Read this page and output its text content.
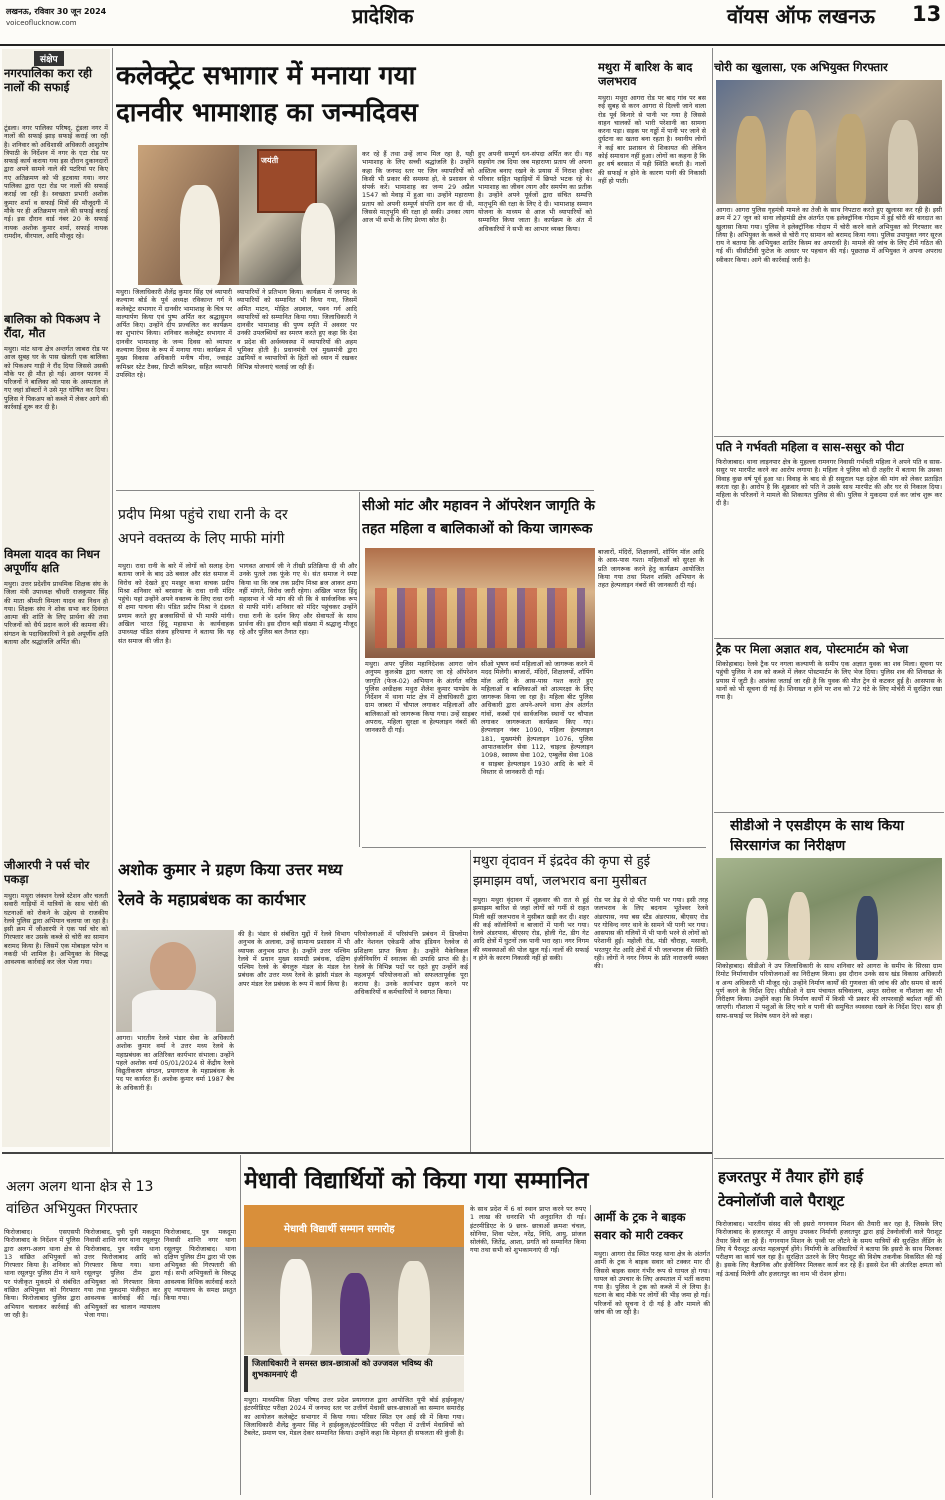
लखनऊ, रविवार 30 जून 2024
voiceoflucknow.com	प्रादेशिक	वॉयस ऑफ लखनऊ 13
संक्षेप
नगरपालिका करा रही नालों की सफाई
टूंडला। नगर पालिका परिषद्, टूंडला नगर में नालों की सफाई झाड़ सफाई कराई जा रही है। शनिवार को अधिशासी अधिकारी आशुतोष त्रिपाठी के निर्देशन में नगर के एटा रोड पर सफाई कार्य कराया गया इस दौरान दुकानदारों द्वारा अपने सामने नाले की पटरियां पर किए गए अतिक्रमण को भी हटवाया गया। नगर पालिका द्वारा एटा रोड पर नालों की सफाई कराई जा रही है। स्वच्छता प्रभारी अशोक कुमार शर्मा व सफाई मित्रों की मौजूदगी में मौके पर ही अतिक्रमण नाले की सफाई कराई गई। इस दौरान वार्ड नंबर 20 के सफाई नायक अशोक कुमार शर्मा, सफाई नायक रामदीन, वीरपाल, आदि मौजूद रहे।
बालिका को पिकअप ने रौंदा, मौत
मथुरा। मांट थाना क्षेत्र अन्तर्गत जाबरा रोड पर आज सुबह घर के पास खेलती एक बालिका को पिकअप गाड़ी ने रौंद दिया जिससे उसकी मौके पर ही मौत हो गई। आनन फानन में परिजनों ने बालिका को पास के अस्पताल ले गए जहां डॉक्टरों ने उसे मृत घोषित कर दिया। पुलिस ने पिकअप को कब्जे में लेकर आगे की कार्रवाई शुरू कर दी है।
विमला यादव का निधन अपूर्णीय क्षति
मथुरा। उत्तर प्रदेशीय प्राथमिक शिक्षक संघ के जिला मंत्री उपाध्यक्ष चौधरी राजकुमार सिंह की माता श्रीमती विमला यादव का निधन हो गया। शिक्षक संघ ने शोक सभा कर दिवंगत आत्मा की शांति के लिए प्रार्थना की तथा परिजनों को धैर्य प्रदान करने की कामना की। संगठन के पदाधिकारियों ने इसे अपूर्णीय क्षति बताया और श्रद्धांजलि अर्पित की।
जीआरपी ने पर्स चोर पकड़ा
मथुरा। मथुरा जंक्शन रेलवे स्टेशन और चलती सवारी गाड़ियों में यात्रियों के साथ चोरी की घटनाओं को रोकने के उद्देश्य से राजकीय रेलवे पुलिस द्वारा अभियान चलाया जा रहा है। इसी क्रम में जीआरपी ने एक पर्स चोर को गिरफ्तार कर उसके कब्जे से चोरी का सामान बरामद किया है। जिसमें एक मोबाइल फोन व नकदी भी शामिल है। अभियुक्त के विरुद्ध आवश्यक कार्रवाई कर जेल भेजा गया।
कलेक्ट्रेट सभागार में मनाया गया
दानवीर भामाशाह का जन्मदिवस
जयंती
मथुरा। जिलाधिकारी शैलेंद्र कुमार सिंह एवं व्यापारी कल्याण बोर्ड के पूर्व अध्यक्ष रविकान्त गर्ग ने कलेक्ट्रेट सभागार में दानवीर भामाशाह के चित्र पर माल्यार्पण किया एवं पुष्प अर्पित कर श्रद्धासुमन अर्पित किए। उन्होंने दीप प्रज्वलित कर कार्यक्रम का शुभारंभ किया। शनिवार कलेक्ट्रेट सभागार में दानवीर भामाशाह के जन्म दिवस को व्यापार कल्याण दिवस के रूप में मनाया गया। कार्यक्रम में मुख्य विकास अधिकारी मनीष मीना, ज्वाइंट कमिश्नर स्टेट टैक्स, डिप्टी कमिश्नर, सहित व्यापारी उपस्थित रहे।
व्यापारियों ने प्रतिभाग किया। कार्यक्रम में जनपद के व्यापारियों को सम्मानित भी किया गया, जिसमें अमित माटन, मोहित अग्रवाल, पवन गर्ग आदि व्यापारियों को सम्मानित किया गया। जिलाधिकारी ने दानवीर भामाशाह की पुण्य स्मृति में अवसर पर उनकी उपलब्धियों का स्मरण करते हुए कहा कि देश व प्रदेश की अर्थव्यवस्था में व्यापारियों की अहम भूमिका होती है। प्रधानमंत्री एवं मुख्यमंत्री द्वारा उद्यमियों व व्यापारियों के हितों को ध्यान में रखकर विभिन्न योजनाएं चलाई जा रही हैं।
कर रहे हैं तथा उन्हें लाभ मिल रहा है, यही भामाशाह के लिए सच्ची श्रद्धांजलि है। उन्होंने कहा कि जनपद स्तर पर जिन व्यापारियों को किसी भी प्रकार की समस्या हो, वे प्रशासन से संपर्क करें। भामाशाह का जन्म 29 अप्रैल 1547 को मेवाड़ में हुआ था। उन्होंने महाराणा प्रताप को अपनी सम्पूर्ण संपत्ति दान कर दी थी, जिससे मातृभूमि की रक्षा हो सकी। उनका त्याग आज भी सभी के लिए प्रेरणा स्रोत है।
हुए अपनी सम्पूर्ण धन-संपदा अर्पित कर दी। यह सहयोग तब दिया जब महाराणा प्रताप जी अपना अस्तित्व बनाए रखने के प्रयास में निराश होकर परिवार सहित पहाड़ियों में छिपते भटक रहे थे। भामाशाह का जीवन त्याग और समर्पण का प्रतीक है। उन्होंने अपने पूर्वजों द्वारा संचित सम्पत्ति मातृभूमि की रक्षा के लिए दे दी। भामाशाह सम्मान योजना के माध्यम से आज भी व्यापारियों को सम्मानित किया जाता है। कार्यक्रम के अंत में अधिकारियों ने सभी का आभार व्यक्त किया।
प्रदीप मिश्रा पहुंचे राधा रानी के दर
अपने वक्तव्य के लिए माफी मांगी
मथुरा। राधा रानी के बारे में लोगों को सलाह देना बताया जाने के बाद उठे बवाल और संत समाज में विरोध को देखते हुए मशहूर कथा वाचक प्रदीप मिश्रा शनिवार को बरसाना के राधा रानी मंदिर पहुंचे। यहां उन्होंने अपने वक्तव्य के लिए राधा रानी से क्षमा याचना की। पंडित प्रदीप मिश्रा ने दंडवत प्रणाम करते हुए ब्रजवासियों से भी माफी मांगी। अखिल भारत हिंदू महासभा के कार्यवाहक उपाध्यक्ष पंडित संजय हरियाणा ने बताया कि यह संत समाज की जीत है।
भागवत आचार्य जी ने तीखी प्रतिक्रिया दी थी और उनके पुतले तक फूंके गए थे। संत समाज ने स्पष्ट किया था कि जब तक प्रदीप मिश्रा ब्रज आकर क्षमा नहीं मांगते, विरोध जारी रहेगा। अखिल भारत हिंदू महासभा ने भी मांग की थी कि वे सार्वजनिक रूप से माफी मांगें। शनिवार को मंदिर पहुंचकर उन्होंने राधा रानी के दर्शन किए और सेवायतों के साथ प्रार्थना की। इस दौरान बड़ी संख्या में श्रद्धालु मौजूद रहे और पुलिस बल तैनात रहा।
सीओ मांट और महावन ने ऑपरेशन जागृति के
तहत महिला व बालिकाओं को किया जागरूक
मथुरा। अपर पुलिस महानिदेशक आगरा जोन अनुपम कुलश्रेष्ठ द्वारा चलाए जा रहे ऑपरेशन जागृति (फेज-02) अभियान के अंतर्गत वरिष्ठ पुलिस अधीक्षक मथुरा शैलेश कुमार पाण्डेय के निर्देशन में थाना मांट क्षेत्र में क्षेत्राधिकारी द्वारा ग्राम जाबरा में चौपाल लगाकर महिलाओं और बालिकाओं को जागरूक किया गया। उन्हें साइबर अपराध, महिला सुरक्षा व हेल्पलाइन नंबरों की जानकारी दी गई।
सीओ भूषण वर्मा महिलाओं को जागरूक करने में मदद मिलेगी। बाजारों, मंदिरों, शिक्षालयों, शॉपिंग मॉल आदि के आस-पास गश्त करते हुए महिलाओं व बालिकाओं को आत्मरक्षा के लिए जागरूक किया जा रहा है। महिला बीट पुलिस अधिकारी द्वारा अपने-अपने थाना क्षेत्र अंतर्गत गांवों, कस्बों एवं सार्वजनिक स्थानों पर चौपाल लगाकर जागरूकता कार्यक्रम किए गए। हेल्पलाइन नंबर 1090, महिला हेल्पलाइन 181, मुख्यमंत्री हेल्पलाइन 1076, पुलिस आपातकालीन सेवा 112, चाइल्ड हेल्पलाइन 1098, स्वास्थ्य सेवा 102, एम्बुलेंस सेवा 108 व साइबर हेल्पलाइन 1930 आदि के बारे में विस्तार से जानकारी दी गई।
बाजारों, मंदिरों, शिक्षालयों, शॉपिंग मॉल आदि के आस-पास गश्त। महिलाओं को सुरक्षा के प्रति जागरूक करने हेतु कार्यक्रम आयोजित किया गया तथा मिशन शक्ति अभियान के तहत हेल्पलाइन नंबरों की जानकारी दी गई।
मथुरा में बारिश के बाद जलभराव
मथुरा। मथुरा आगरा रोड पर बाद गांव पर बस रुई सुबह से करन आगरा से दिल्ली जाने वाला रोड पूर्व किनारे से पानी भर गया है जिससे वाहन चालकों को भारी परेशानी का सामना करना पड़ा। सड़क पर गड्ढों में पानी भर जाने से दुर्घटना का खतरा बना रहता है। स्थानीय लोगों ने कई बार प्रशासन से शिकायत की लेकिन कोई समाधान नहीं हुआ। लोगों का कहना है कि हर वर्ष बरसात में यही स्थिति बनती है। नालों की सफाई न होने के कारण पानी की निकासी नहीं हो पाती।
चोरी का खुलासा, एक अभियुक्त गिरफ्तार
आगरा। आगरा पुलिस गृहमंत्री मामले का तेजी के साथ निपटारा करते हुए खुलासा कर रही है। इसी क्रम में 27 जून को थाना लोहामंडी क्षेत्र अंतर्गत एक इलेक्ट्रॉनिक गोदाम में हुई चोरी की वारदात का खुलासा किया गया। पुलिस ने इलेक्ट्रॉनिक गोदाम में चोरी करने वाले अभियुक्त को गिरफ्तार कर लिया है। अभियुक्त के कब्जे से चोरी गए सामान को बरामद किया गया। पुलिस उपायुक्त नगर सूरज राय ने बताया कि अभियुक्त शातिर किस्म का अपराधी है। मामले की जांच के लिए टीमें गठित की गई थीं। सीसीटीवी फुटेज के आधार पर पहचान की गई। पूछताछ में अभियुक्त ने अपना अपराध स्वीकार किया। आगे की कार्रवाई जारी है।
पति ने गर्भवती महिला व सास-ससुर को पीटा
फिरोजाबाद। थाना लाइनपार क्षेत्र के मुहल्ला रामनगर निवासी गर्भवती महिला ने अपने पति व सास-ससुर पर मारपीट करने का आरोप लगाया है। महिला ने पुलिस को दी तहरीर में बताया कि उसका विवाह कुछ वर्ष पूर्व हुआ था। विवाह के बाद से ही ससुराल पक्ष दहेज की मांग को लेकर प्रताड़ित करता रहा है। आरोप है कि शुक्रवार को पति ने उसके साथ मारपीट की और घर से निकाल दिया। महिला के परिजनों ने मामले की शिकायत पुलिस से की। पुलिस ने मुकदमा दर्ज कर जांच शुरू कर दी है।
ट्रैक पर मिला अज्ञात शव, पोस्टमार्टम को भेजा
शिकोहाबाद। रेलवे ट्रैक पर नगला कल्याणी के समीप एक अज्ञात युवक का शव मिला। सूचना पर पहुंची पुलिस ने शव को कब्जे में लेकर पोस्टमार्टम के लिए भेज दिया। पुलिस शव की शिनाख्त के प्रयास में जुटी है। आशंका जताई जा रही है कि युवक की मौत ट्रेन से कटकर हुई है। आसपास के थानों को भी सूचना दी गई है। शिनाख्त न होने पर शव को 72 घंटे के लिए मोर्चरी में सुरक्षित रखा गया है।
सीडीओ ने एसडीएम के साथ किया
सिरसागंज का निरीक्षण
शिकोहाबाद। सीडीओ ने उप जिलाधिकारी के साथ शनिवार को आगरा के समीप के सिरसा ग्राम रिमोट निर्माणाधीन परियोजनाओं का निरीक्षण किया। इस दौरान उनके साथ खंड विकास अधिकारी व अन्य अधिकारी भी मौजूद रहे। उन्होंने निर्माण कार्यों की गुणवत्ता की जांच की और समय से कार्य पूर्ण करने के निर्देश दिए। सीडीओ ने ग्राम पंचायत सचिवालय, अमृत सरोवर व गौशाला का भी निरीक्षण किया। उन्होंने कहा कि निर्माण कार्यों में किसी भी प्रकार की लापरवाही बर्दाश्त नहीं की जाएगी। गौशाला में पशुओं के लिए चारे व पानी की समुचित व्यवस्था रखने के निर्देश दिए। साथ ही साफ-सफाई पर विशेष ध्यान देने को कहा।
मथुरा वृंदावन में इंद्रदेव की कृपा से हुई
झमाझम वर्षा, जलभराव बना मुसीबत
मथुरा। मथुरा वृंदावन में शुक्रवार की रात से हुई झमाझम बारिश से जहां लोगों को गर्मी से राहत मिली वहीं जलभराव ने मुसीबत खड़ी कर दी। शहर की कई कॉलोनियों व बाजारों में पानी भर गया। रेलवे अंडरपास, बीएसए रोड, होली गेट, डीग गेट आदि क्षेत्रों में घुटनों तक पानी भरा रहा। नगर निगम की व्यवस्थाओं की पोल खुल गई। नालों की सफाई न होने के कारण निकासी नहीं हो सकी।
रोड पर डेढ़ से दो फीट पानी भर गया। इसी तरह जलभराव के लिए बदनाम भूतेश्वर रेलवे अंडरपास, नया बस स्टैंड अंडरपास, बीएसए रोड पर गोविन्द नगर थाने के सामने भी पानी भर गया। आसपास की गलियों में भी पानी भरने से लोगों को परेशानी हुई। महोली रोड, मंडी चौराहा, मसानी, भरतपुर गेट आदि क्षेत्रों में भी जलभराव की स्थिति रही। लोगों ने नगर निगम के प्रति नाराजगी व्यक्त की।
अशोक कुमार ने ग्रहण किया उत्तर मध्य
रेलवे के महाप्रबंधक का कार्यभार
आगरा। भारतीय रेलवे भंडार सेवा के अधिकारी अशोक कुमार वर्मा ने उत्तर मध्य रेलवे के महाप्रबंधक का अतिरिक्त कार्यभार संभाला। उन्होंने पहले अशोक वर्मा 05/01/2024 से केंद्रीय रेलवे विद्युतीकरण संगठन, प्रयागराज के महाप्रबंधक के पद पर कार्यरत हैं। अशोक कुमार वर्मा 1987 बैच के अधिकारी हैं।
की है। भंडार से संबंधित मुद्दों में रेलवे विभाग अनुभव के अलावा, उन्हें सामान्य प्रशासन में भी व्यापक अनुभव प्राप्त है। उन्होंने उत्तर पश्चिम रेलवे में प्रधान मुख्य सामग्री प्रबंधक, दक्षिण पश्चिम रेलवे के बेंगलुरु मंडल के मंडल रेल प्रबंधक और उत्तर मध्य रेलवे के झांसी मंडल के अपर मंडल रेल प्रबंधक के रूप में कार्य किया है।
परियोजनाओं में परिसंपत्ति प्रबंधन में डिप्लोमा और नेशनल एकेडमी ऑफ इंडियन रेलवेज से प्रशिक्षण प्राप्त किया है। उन्होंने मैकेनिकल इंजीनियरिंग में स्नातक की उपाधि प्राप्त की है। रेलवे के विभिन्न पदों पर रहते हुए उन्होंने कई महत्वपूर्ण परियोजनाओं को सफलतापूर्वक पूरा कराया है। उनके कार्यभार ग्रहण करने पर अधिकारियों व कर्मचारियों ने स्वागत किया।
अलग अलग थाना क्षेत्र से 13
वांछित अभियुक्त गिरफ्तार
फिरोजाबाद। एसएसपी फिरोजाबाद के निर्देशन में पुलिस द्वारा अलग-अलग थाना क्षेत्र से 13 वांछित अभियुक्तों को गिरफ्तार किया है। शनिवार को थाना रसूलपुर पुलिस टीम ने थाने पर पंजीकृत मुकदमे से संबंधित वांछित अभियुक्त को गिरफ्तार किया। फिरोजाबाद पुलिस द्वारा अभियान चलाकर कार्रवाई की जा रही है।
फिरोजाबाद, पुत्री पुत्री मकदूमा निवासी शान्ति नगर थाना रसूलपुर फिरोजाबाद, पुत्र नसीम थाना उत्तर फिरोजाबाद आदि को गिरफ्तार किया गया। थाना रसूलपुर पुलिस टीम द्वारा अभियुक्त को गिरफ्तार किया गया तथा मुकदमा पंजीकृत कर आवश्यक कार्रवाई की गई। अभियुक्तों का चालान न्यायालय भेजा गया।
फिरोजाबाद, पुत्र मकदूमा निवासी शान्ति नगर थाना रसूलपुर फिरोजाबाद। थाना दक्षिण पुलिस टीम द्वारा भी एक अभियुक्त की गिरफ्तारी की गई। सभी अभियुक्तों के विरुद्ध आवश्यक विधिक कार्रवाई करते हुए न्यायालय के समक्ष प्रस्तुत किया गया।
मेधावी विद्यार्थियों को किया गया सम्मानित
मेधावी विद्यार्थी सम्मान समारोह
जिलाधिकारी ने समस्त छात्र-छात्राओं को उज्जवल भविष्य की शुभकामनाएं दी
मथुरा। माध्यमिक शिक्षा परिषद उत्तर प्रदेश प्रयागराज द्वारा आयोजित यूपी बोर्ड हाईस्कूल/इंटरमीडिएट परीक्षा 2024 में जनपद स्तर पर उत्तीर्ण मेधावी छात्र-छात्राओं का सम्मान समारोह का आयोजन कलेक्ट्रेट सभागार में किया गया। परिसर स्थित एन आई सी में किया गया। जिलाधिकारी शैलेंद्र कुमार सिंह ने हाईस्कूल/इंटरमीडिएट की परीक्षा में उत्तीर्ण मेधावियों को टैबलेट, प्रमाण पत्र, मेडल देकर सम्मानित किया। उन्होंने कहा कि मेहनत ही सफलता की कुंजी है।
के साथ प्रदेश में 6 वां स्थान प्राप्त करने पर रुपए 1 लाख की धनराशि भी अनुदानित दी गई। इंटरमीडिएट के 9 छात्र- छात्राओं क्रमशः चंचल, सोनिया, शिवा पटेल, नरेंद्र, निधि, आयु, प्रांजल सोलंकी, जितेंद्र, आशा, प्रगति को सम्मानित किया गया तथा सभी को शुभकामनाएं दी गईं।
आर्मी के ट्रक ने बाइक
सवार को मारी टक्कर
मथुरा। आगरा रोड स्थित फरह थाना क्षेत्र के अंतर्गत आर्मी के ट्रक ने बाइक सवार को टक्कर मार दी जिससे बाइक सवार गंभीर रूप से घायल हो गया। घायल को उपचार के लिए अस्पताल में भर्ती कराया गया है। पुलिस ने ट्रक को कब्जे में ले लिया है। घटना के बाद मौके पर लोगों की भीड़ जमा हो गई। परिजनों को सूचना दे दी गई है और मामले की जांच की जा रही है।
हजरतपुर में तैयार होंगे हाई
टेक्नोलॉजी वाले पैराशूट
फिरोजाबाद। भारतीय संसद की जी इसरो गगनयान मिशन की तैयारी कर रहा है, जिसके लिए फिरोजाबाद के हजरतपुर में आयुध उपस्कर निर्माणी हजरतपुर द्वारा हाई टेक्नोलॉजी वाले पैराशूट तैयार किये जा रहे हैं। गगनयान मिशन के पृथ्वी पर लौटने के समय यात्रियों की सुरक्षित लैंडिंग के लिए ये पैराशूट अत्यंत महत्वपूर्ण होंगे। निर्माणी के अधिकारियों ने बताया कि इसरो के साथ मिलकर परीक्षण का कार्य चल रहा है। सुरक्षित उतरने के लिए पैराशूट की विशेष तकनीक विकसित की गई है। इसके लिए वैज्ञानिक और इंजीनियर मिलकर कार्य कर रहे हैं। इससे देश की अंतरिक्ष क्षमता को नई ऊंचाई मिलेगी और हजरतपुर का नाम भी रोशन होगा।
